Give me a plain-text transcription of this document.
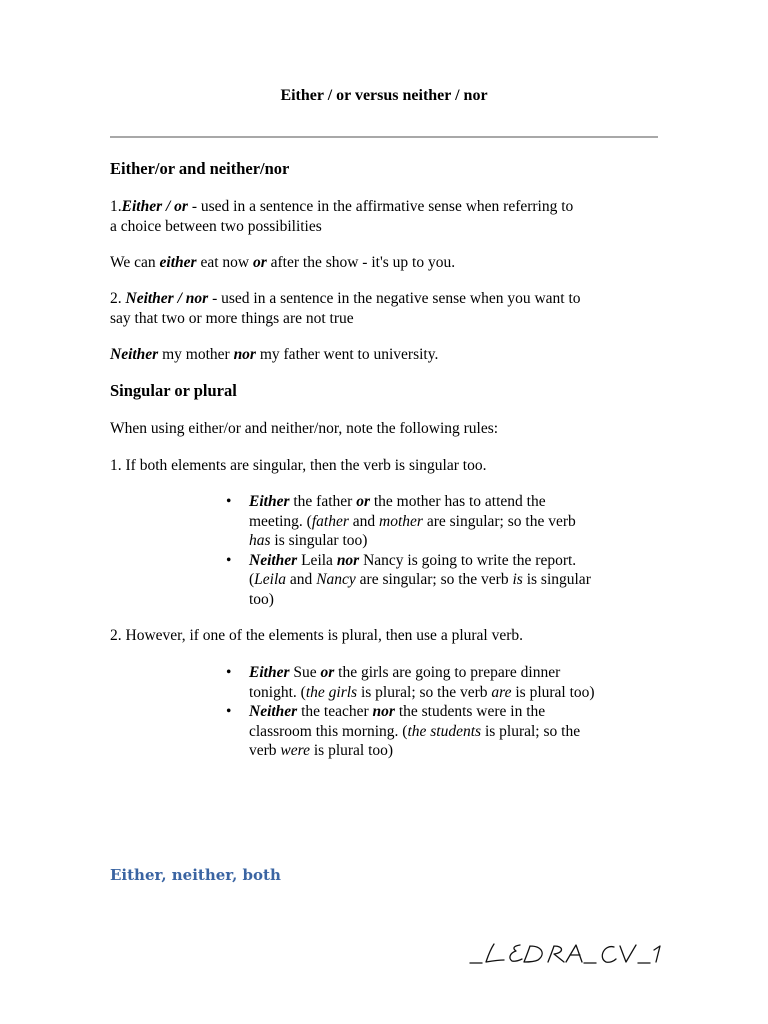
Either / or versus neither / nor
Either/or and neither/nor

1.Either / or - used in a sentence in the affirmative sense when referring to
a choice between two possibilities

We can either eat now or after the show - it's up to you.

2. Neither / nor - used in a sentence in the negative sense when you want to
say that two or more things are not true

Neither my mother nor my father went to university.

Singular or plural

When using either/or and neither/nor, note the following rules:

1. If both elements are singular, then the verb is singular too.

• Either the father or the mother has to attend the
meeting. (father and mother are singular; so the verb
has is singular too)
• Neither Leila nor Nancy is going to write the report.
(Leila and Nancy are singular; so the verb is is singular
too)

2. However, if one of the elements is plural, then use a plural verb.

• Either Sue or the girls are going to prepare dinner
tonight. (the girls is plural; so the verb are is plural too)
• Neither the teacher nor the students were in the
classroom this morning. (the students is plural; so the
verb were is plural too)
Either, neither, both
